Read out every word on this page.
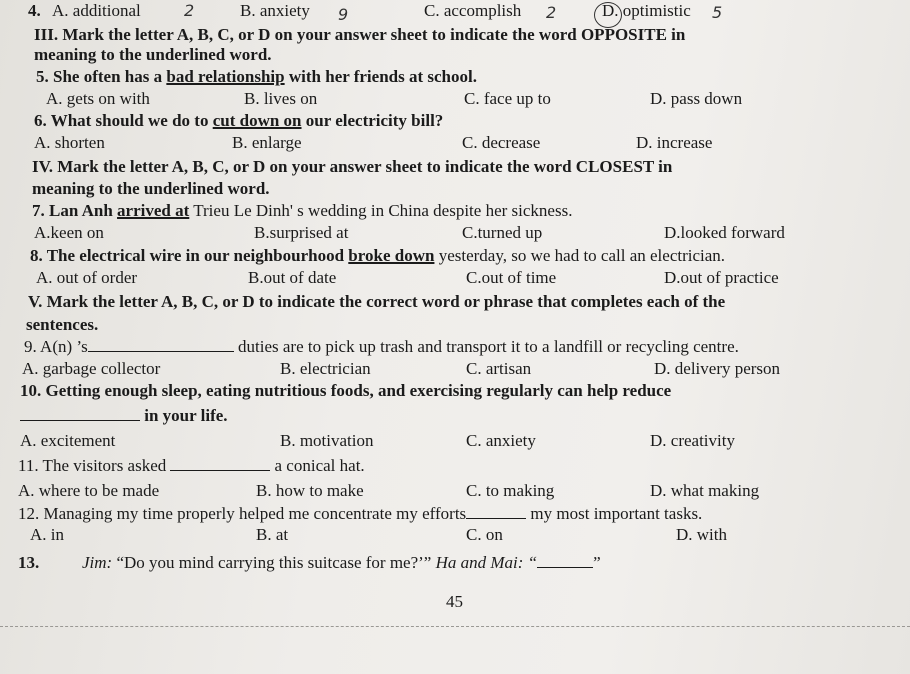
4. A. additional	2	B. anxiety 9	C. accomplish 2	D. optimistic 5
III. Mark the letter A, B, C, or D on your answer sheet to indicate the word OPPOSITE in
meaning to the underlined word.
5. She often has a bad relationship with her friends at school.
A. gets on with	B. lives on	C. face up to	D. pass down
6. What should we do to cut down on our electricity bill?
A. shorten	B. enlarge	C. decrease	D. increase
IV. Mark the letter A, B, C, or D on your answer sheet to indicate the word CLOSEST in
meaning to the underlined word.
7. Lan Anh arrived at Trieu Le Dinh' s wedding in China despite her sickness.
A.keen on	B.surprised at	C.turned up	D.looked forward
8. The electrical wire in our neighbourhood broke down yesterday, so we had to call an electrician.
A. out of order	B.out of date	C.out of time	D.out of practice
V. Mark the letter A, B, C, or D to indicate the correct word or phrase that completes each of the
sentences.
9. A(n) ’s	duties are to pick up trash and transport it to a landfill or recycling centre.
A. garbage collector	B. electrician	C. artisan	D. delivery person
10. Getting enough sleep, eating nutritious foods, and exercising regularly can help reduce
in your life.
A. excitement	B. motivation	C. anxiety	D. creativity
11. The visitors asked	a conical hat.
A. where to be made	B. how to make	C. to making	D. what making
12. Managing my time properly helped me concentrate my efforts	my most important tasks.
A. in	B. at	C. on	D. with
13.	Jim: “Do you mind carrying this suitcase for me?’” Ha and Mai: “	”
45
